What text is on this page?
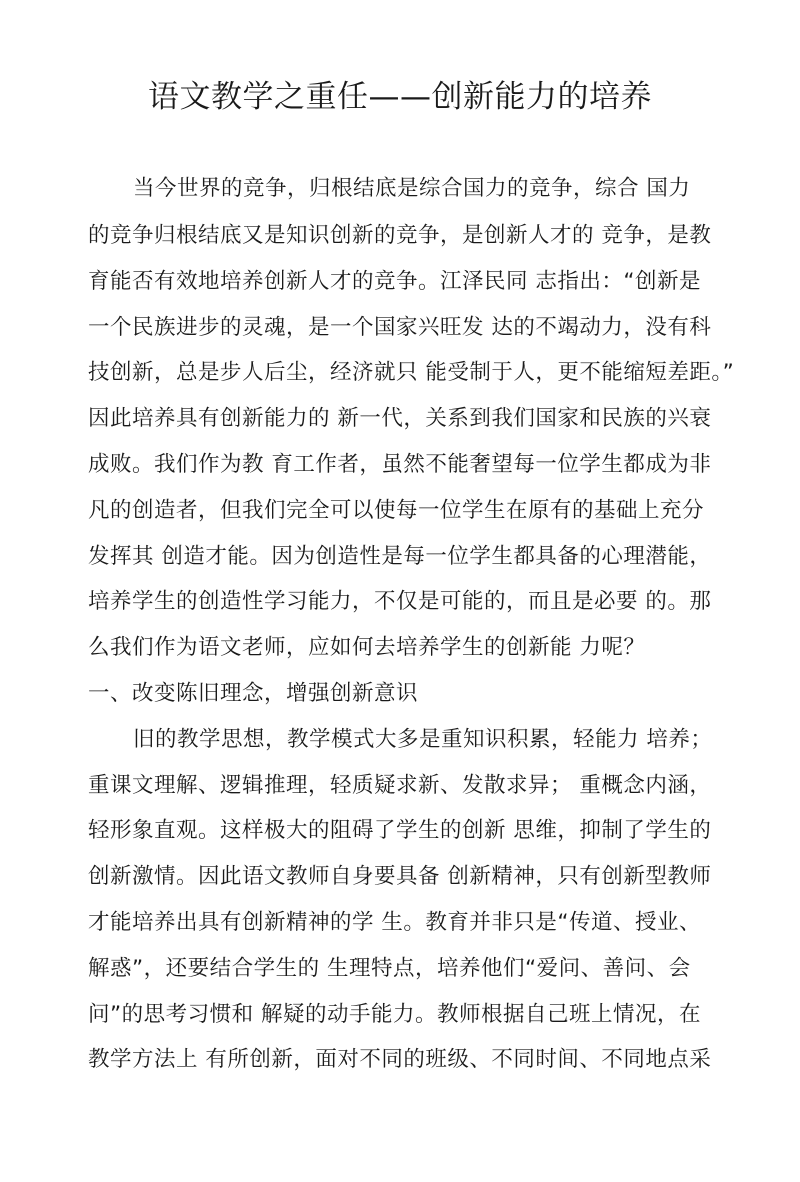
语文教学之重任——创新能力的培养
当今世界的竞争，归根结底是综合国力的竞争，综合 国力
的竞争归根结底又是知识创新的竞争，是创新人才的 竞争，是教
育能否有效地培养创新人才的竞争。江泽民同 志指出：“创新是
一个民族进步的灵魂，是一个国家兴旺发 达的不竭动力，没有科
技创新，总是步人后尘，经济就只 能受制于人，更不能缩短差距。”
因此培养具有创新能力的 新一代，关系到我们国家和民族的兴衰
成败。我们作为教 育工作者，虽然不能奢望每一位学生都成为非
凡的创造者，但我们完全可以使每一位学生在原有的基础上充分
发挥其 创造才能。因为创造性是每一位学生都具备的心理潜能，
培养学生的创造性学习能力，不仅是可能的，而且是必要 的。那
么我们作为语文老师，应如何去培养学生的创新能 力呢？
一、改变陈旧理念，增强创新意识
旧的教学思想，教学模式大多是重知识积累，轻能力 培养；
重课文理解、逻辑推理，轻质疑求新、发散求异； 重概念内涵，
轻形象直观。这样极大的阻碍了学生的创新 思维，抑制了学生的
创新激情。因此语文教师自身要具备 创新精神，只有创新型教师
才能培养出具有创新精神的学 生。教育并非只是“传道、授业、
解惑”，还要结合学生的 生理特点，培养他们“爱问、善问、会
问”的思考习惯和 解疑的动手能力。教师根据自己班上情况，在
教学方法上 有所创新，面对不同的班级、不同时间、不同地点采
